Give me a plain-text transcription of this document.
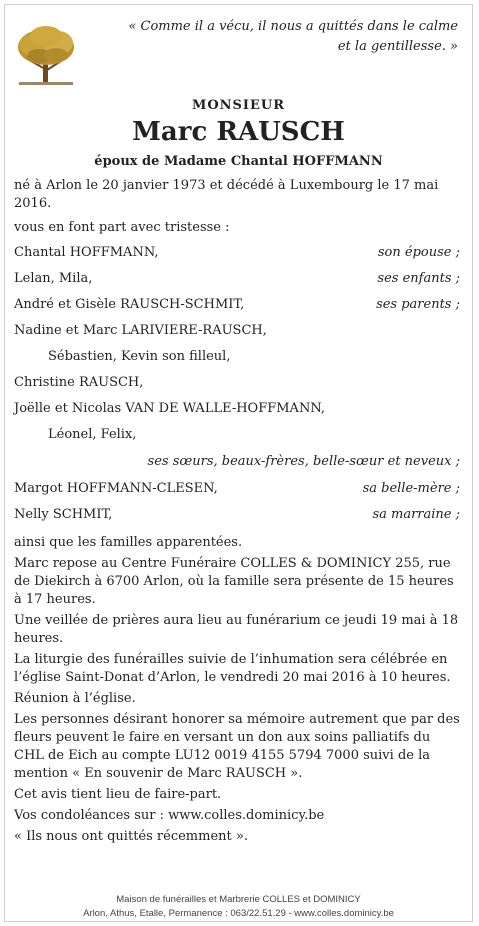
« Comme il a vécu, il nous a quittés dans le calme et la gentillesse. »
MONSIEUR
Marc RAUSCH
époux de Madame Chantal HOFFMANN
né à Arlon le 20 janvier 1973 et décédé à Luxembourg le 17 mai 2016.
vous en font part avec tristesse :
Chantal HOFFMANN,	son épouse ;
Lelan, Mila,	ses enfants ;
André et Gisèle RAUSCH-SCHMIT,	ses parents ;
Nadine et Marc LARIVIERE-RAUSCH,
Sébastien, Kevin son filleul,
Christine RAUSCH,
Joëlle et Nicolas VAN DE WALLE-HOFFMANN,
Léonel, Felix,
ses sœurs, beaux-frères, belle-sœur et neveux ;
Margot HOFFMANN-CLESEN,	sa belle-mère ;
Nelly SCHMIT,	sa marraine ;
ainsi que les familles apparentées.
Marc repose au Centre Funéraire COLLES & DOMINICY 255, rue de Diekirch à 6700 Arlon, où la famille sera présente de 15 heures à 17 heures.
Une veillée de prières aura lieu au funérarium ce jeudi 19 mai à 18 heures.
La liturgie des funérailles suivie de l’inhumation sera célébrée en l’église Saint-Donat d’Arlon, le vendredi 20 mai 2016 à 10 heures.
Réunion à l’église.
Les personnes désirant honorer sa mémoire autrement que par des fleurs peuvent le faire en versant un don aux soins palliatifs du CHL de Eich au compte LU12 0019 4155 5794 7000 suivi de la mention « En souvenir de Marc RAUSCH ».
Cet avis tient lieu de faire-part.
Vos condoléances sur : www.colles.dominicy.be
« Ils nous ont quittés récemment ».
Maison de funérailles et Marbrerie COLLES et DOMINICY
Arlon, Athus, Etalle, Permanence : 063/22.51.29 - www.colles.dominicy.be
